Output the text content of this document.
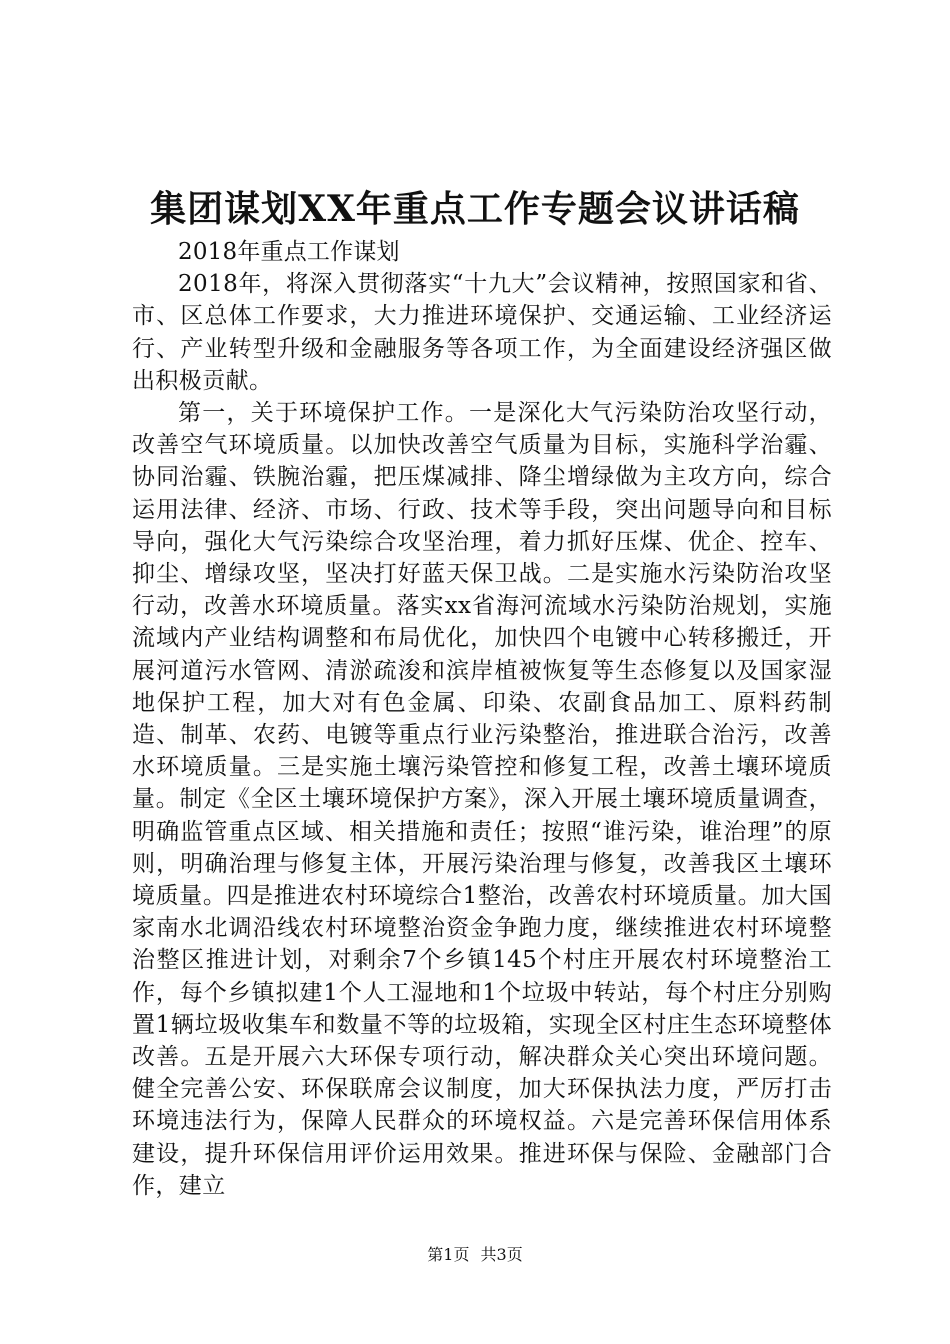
集团谋划XX年重点工作专题会议讲话稿

2018年重点工作谋划

2018年，将深入贯彻落实“十九大”会议精神，按照国家和省、市、区总体工作要求，大力推进环境保护、交通运输、工业经济运行、产业转型升级和金融服务等各项工作，为全面建设经济强区做出积极贡献。

第一，关于环境保护工作。一是深化大气污染防治攻坚行动，改善空气环境质量。以加快改善空气质量为目标，实施科学治霾、协同治霾、铁腕治霾，把压煤减排、降尘增绿做为主攻方向，综合运用法律、经济、市场、行政、技术等手段，突出问题导向和目标导向，强化大气污染综合攻坚治理，着力抓好压煤、优企、控车、抑尘、增绿攻坚，坚决打好蓝天保卫战。二是实施水污染防治攻坚行动，改善水环境质量。落实xx省海河流域水污染防治规划，实施流域内产业结构调整和布局优化，加快四个电镀中心转移搬迁，开展河道污水管网、清淤疏浚和滨岸植被恢复等生态修复以及国家湿地保护工程，加大对有色金属、印染、农副食品加工、原料药制造、制革、农药、电镀等重点行业污染整治，推进联合治污，改善水环境质量。三是实施土壤污染管控和修复工程，改善土壤环境质量。制定《全区土壤环境保护方案》，深入开展土壤环境质量调查，明确监管重点区域、相关措施和责任；按照“谁污染，谁治理”的原则，明确治理与修复主体，开展污染治理与修复，改善我区土壤环境质量。四是推进农村环境综合1整治，改善农村环境质量。加大国家南水北调沿线农村环境整治资金争跑力度，继续推进农村环境整治整区推进计划，对剩余7个乡镇145个村庄开展农村环境整治工作，每个乡镇拟建1个人工湿地和1个垃圾中转站，每个村庄分别购置1辆垃圾收集车和数量不等的垃圾箱，实现全区村庄生态环境整体改善。五是开展六大环保专项行动，解决群众关心突出环境问题。健全完善公安、环保联席会议制度，加大环保执法力度，严厉打击环境违法行为，保障人民群众的环境权益。六是完善环保信用体系建设，提升环保信用评价运用效果。推进环保与保险、金融部门合作，建立

第1页 共3页
